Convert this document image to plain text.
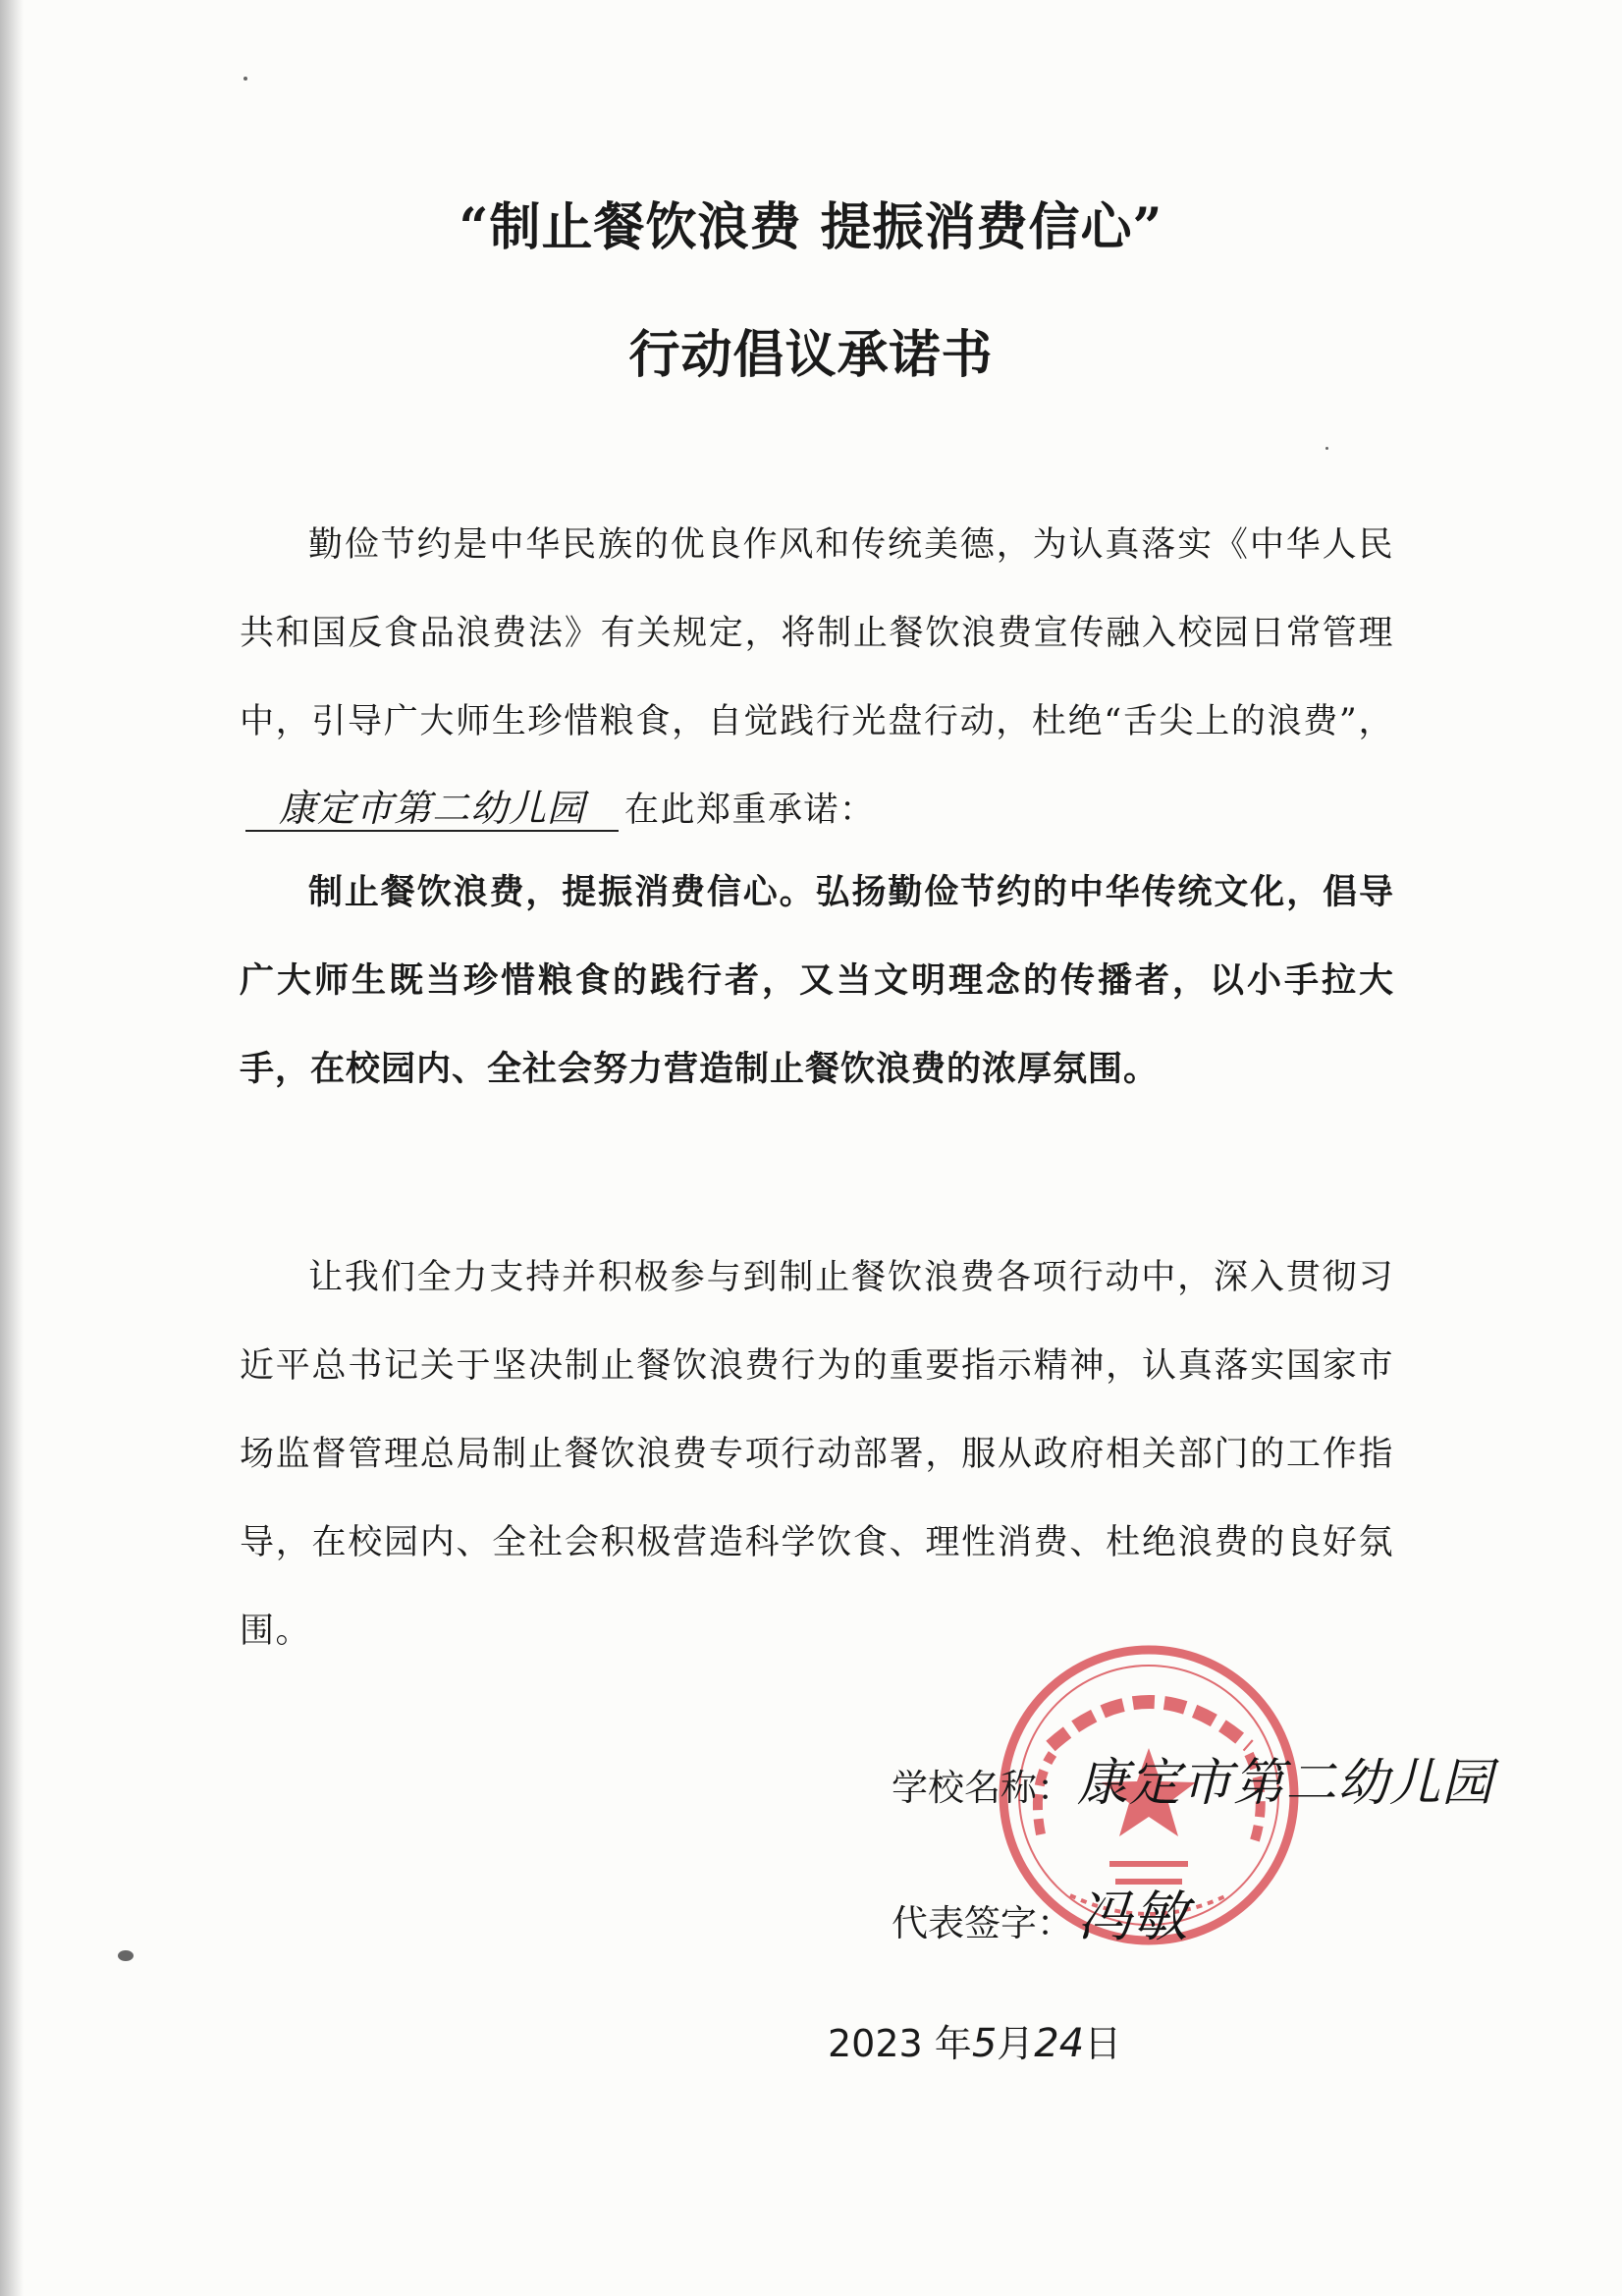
“制止餐饮浪费 提振消费信心”
行动倡议承诺书

勤俭节约是中华民族的优良作风和传统美德，为认真落实《中华人民共和国反食品浪费法》有关规定，将制止餐饮浪费宣传融入校园日常管理中，引导广大师生珍惜粮食，自觉践行光盘行动，杜绝“舌尖上的浪费”，康定市第二幼儿园 在此郑重承诺：

制止餐饮浪费，提振消费信心。弘扬勤俭节约的中华传统文化，倡导广大师生既当珍惜粮食的践行者，又当文明理念的传播者，以小手拉大手，在校园内、全社会努力营造制止餐饮浪费的浓厚氛围。

让我们全力支持并积极参与到制止餐饮浪费各项行动中，深入贯彻习近平总书记关于坚决制止餐饮浪费行为的重要指示精神，认真落实国家市场监督管理总局制止餐饮浪费专项行动部署，服从政府相关部门的工作指导，在校园内、全社会积极营造科学饮食、理性消费、杜绝浪费的良好氛围。

学校名称：康定市第二幼儿园
代表签字：冯敏
2023 年5月24日
